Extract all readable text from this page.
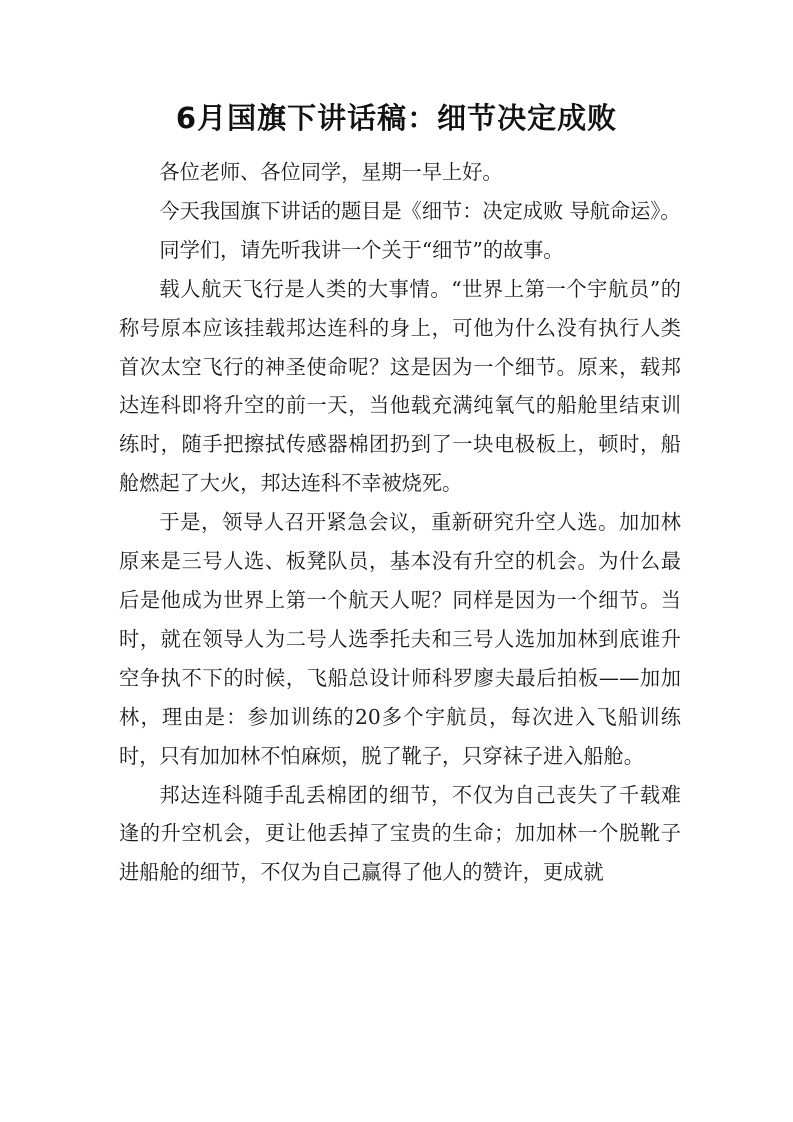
6月国旗下讲话稿：细节决定成败

各位老师、各位同学，星期一早上好。

今天我国旗下讲话的题目是《细节：决定成败 导航命运》。

同学们，请先听我讲一个关于“细节”的故事。

载人航天飞行是人类的大事情。“世界上第一个宇航员”的称号原本应该挂载邦达连科的身上，可他为什么没有执行人类首次太空飞行的神圣使命呢？这是因为一个细节。原来，载邦达连科即将升空的前一天，当他载充满纯氧气的船舱里结束训练时，随手把擦拭传感器棉团扔到了一块电极板上，顿时，船舱燃起了大火，邦达连科不幸被烧死。

于是，领导人召开紧急会议，重新研究升空人选。加加林原来是三号人选、板凳队员，基本没有升空的机会。为什么最后是他成为世界上第一个航天人呢？同样是因为一个细节。当时，就在领导人为二号人选季托夫和三号人选加加林到底谁升空争执不下的时候，飞船总设计师科罗廖夫最后拍板——加加林，理由是：参加训练的20多个宇航员，每次进入飞船训练时，只有加加林不怕麻烦，脱了靴子，只穿袜子进入船舱。

邦达连科随手乱丢棉团的细节，不仅为自己丧失了千载难逢的升空机会，更让他丢掉了宝贵的生命；加加林一个脱靴子进船舱的细节，不仅为自己赢得了他人的赞许，更成就
